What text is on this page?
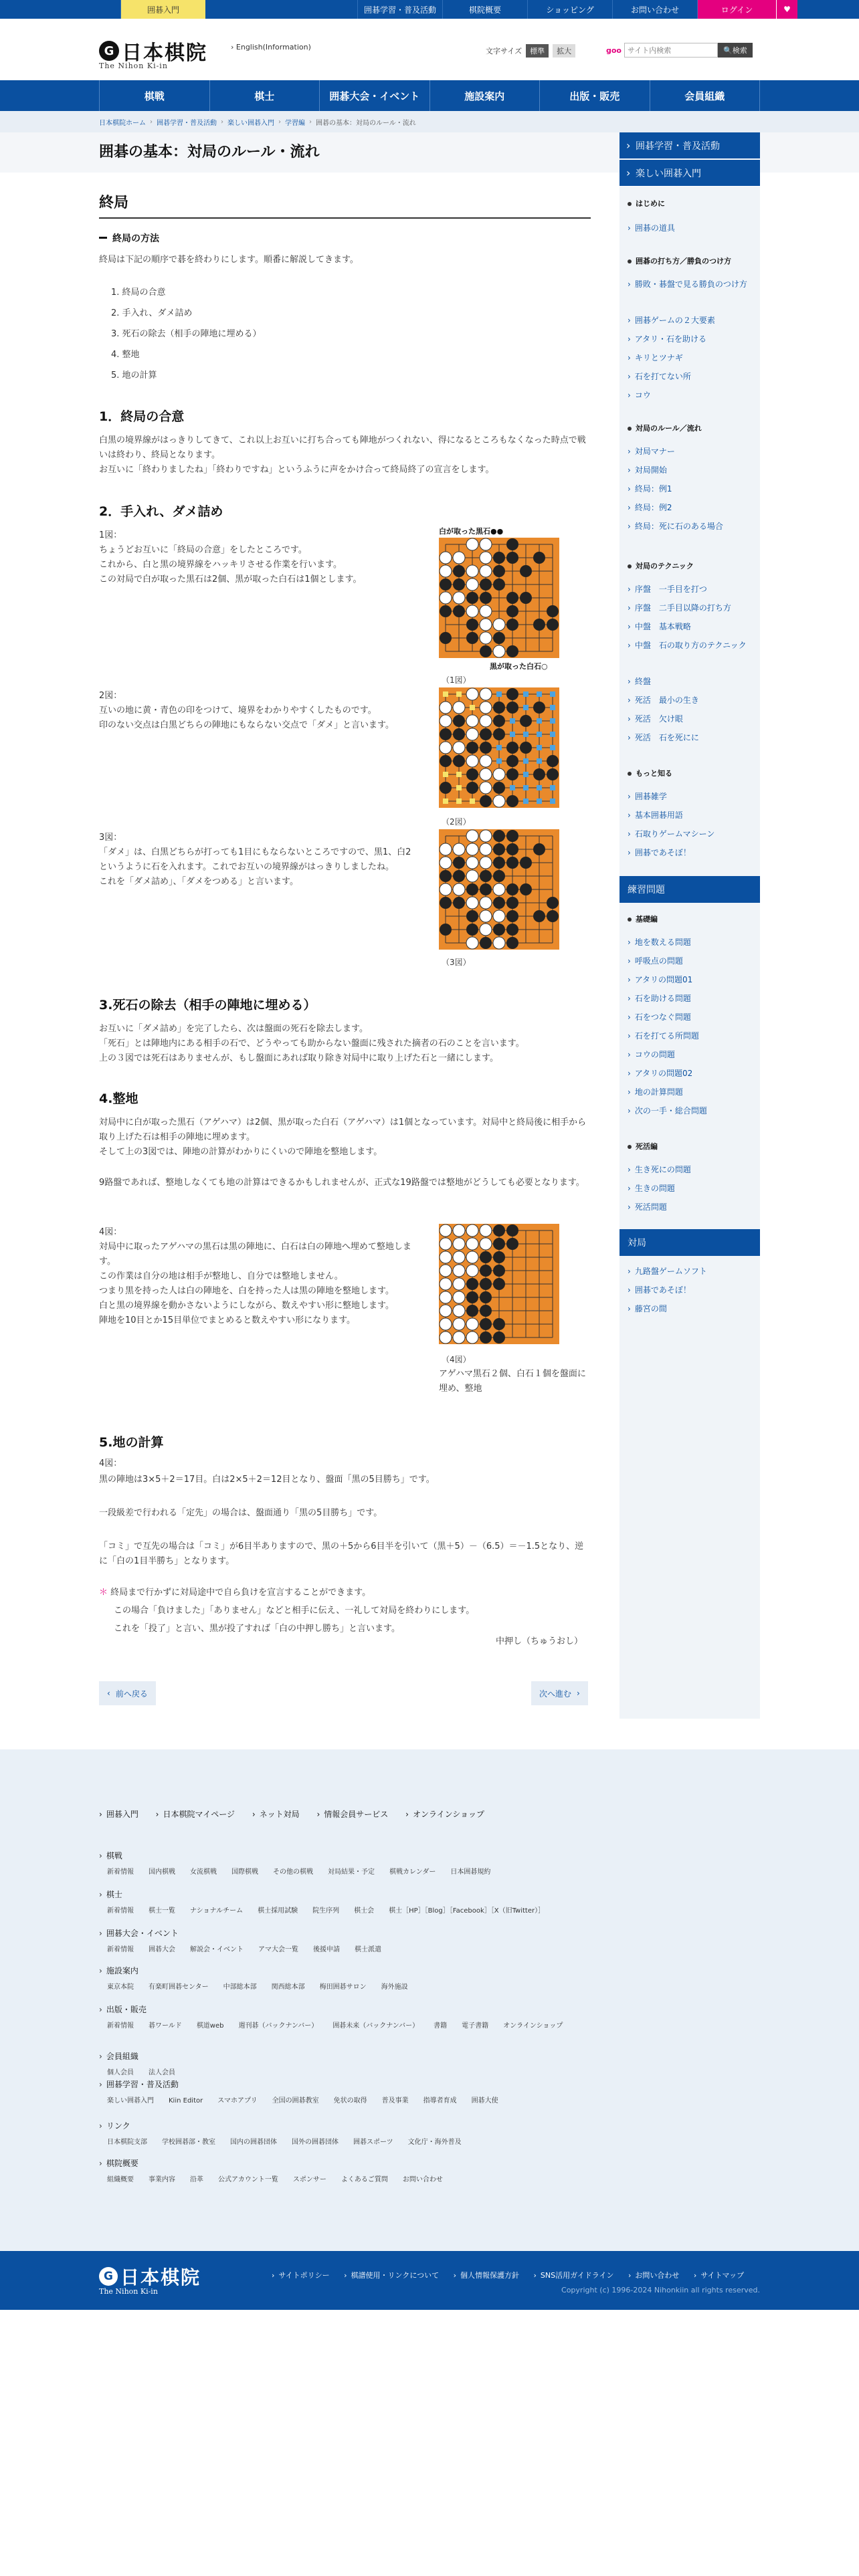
囲碁入門	囲碁学習・普及活動	棋院概要	ショッピング	お問い合わせ	ログイン	♥
G 日本棋院
The Nihon Ki-in
› English(Information)	文字サイズ	標準	拡大	goo
サイト内検索	🔍 検索
棋戦	棋士	囲碁大会・イベント	施設案内	出版・販売	会員組織
日本棋院ホーム › 囲碁学習・普及活動 › 楽しい囲碁入門 › 学習編 › 囲碁の基本：対局のルール・流れ
囲碁の基本：対局のルール・流れ
終局
終局の方法
終局は下記の順序で碁を終わりにします。順番に解説してきます。
1. 終局の合意
2. 手入れ、ダメ詰め
3. 死石の除去（相手の陣地に埋める）
4. 整地
5. 地の計算
1．終局の合意
白黒の境界線がはっきりしてきて、これ以上お互いに打ち合っても陣地がつくれない、得になるところもなくなった時点で戦いは終わり、終局となります。
お互いに「終わりましたね」「終わりですね」というふうに声をかけ合って終局終了の宣言をします。
2．手入れ、ダメ詰め
1図：
ちょうどお互いに「終局の合意」をしたところです。
これから、白と黒の境界線をハッキリさせる作業を行います。
この対局で白が取った黒石は2個、黒が取った白石は1個とします。
白が取った黒石●●
黒が取った白石○
（1図）
2図：
互いの地に黄・青色の印をつけて、境界をわかりやすくしたものです。
印のない交点は白黒どちらの陣地にもならない交点で「ダメ」と言います。
（2図）
3図：
「ダメ」は、白黒どちらが打っても1目にもならないところですので、黒1、白2というように石を入れます。これでお互いの境界線がはっきりしましたね。
これを「ダメ詰め」、「ダメをつめる」と言います。
（3図）
3.死石の除去（相手の陣地に埋める）
お互いに「ダメ詰め」を完了したら、次は盤面の死石を除去します。
「死石」とは陣地内にある相手の石で、どうやっても助からない盤面に残された摘者の石のことを言います。
上の３図では死石はありませんが、もし盤面にあれば取り除き対局中に取り上げた石と一緒にします。
4.整地
対局中に白が取った黒石（アゲハマ）は2個、黒が取った白石（アゲハマ）は1個となっています。対局中と終局後に相手から取り上げた石は相手の陣地に埋めます。
そして上の3図では、陣地の計算がわかりにくいので陣地を整地します。
9路盤であれば、整地しなくても地の計算はできるかもしれませんが、正式な19路盤では整地がどうしても必要となります。
4図：
対局中に取ったアゲハマの黒石は黒の陣地に、白石は白の陣地へ埋めて整地します。
この作業は自分の地は相手が整地し、自分では整地しません。
つまり黒を持った人は白の陣地を、白を持った人は黒の陣地を整地します。
白と黒の境界線を動かさないようにしながら、数えやすい形に整地します。
陣地を10目とか15目単位でまとめると数えやすい形になります。
（4図）
アゲハマ黒石２個、白石１個を盤面に埋め、整地
5.地の計算
4図：
黒の陣地は3×5＋2＝17目。白は2×5＋2＝12目となり、盤面「黒の5目勝ち」です。
一段級差で行われる「定先」の場合は、盤面通り「黒の5目勝ち」です。
「コミ」で互先の場合は「コミ」が6目半ありますので、黒の＋5から6目半を引いて（黒＋5）－（6.5）＝－1.5となり、逆に「白の1目半勝ち」となります。
＊ 終局まで行かずに対局途中で自ら負けを宣言することができます。
この場合「負けました」「ありません」などと相手に伝え、一礼して対局を終わりにします。
これを「投了」と言い、黒が投了すれば「白の中押し勝ち」と言います。
中押し（ちゅうおし）
‹ 前へ戻る	次へ進む ›
› 囲碁学習・普及活動
› 楽しい囲碁入門
はじめに
› 囲碁の道具
囲碁の打ち方／勝負のつけ方
› 勝敗・碁盤で見る勝負のつけ方
› 囲碁ゲームの２大要素
› アタリ・石を助ける
› キリとツナギ
› 石を打てない所
› コウ
対局のルール／流れ
› 対局マナー
› 対局開始
› 終局：例1
› 終局：例2
› 終局：死に石のある場合
対局のテクニック
› 序盤　一手目を打つ
› 序盤　二手目以降の打ち方
› 中盤　基本戦略
› 中盤　石の取り方のテクニック
› 終盤
› 死活　最小の生き
› 死活　欠け眼
› 死活　石を死にに
もっと知る
› 囲碁雑学
› 基本囲碁用語
› 石取りゲームマシーン
› 囲碁であそぼ！
練習問題
基礎編
› 地を数える問題
› 呼吸点の問題
› アタリの問題01
› 石を助ける問題
› 石をつなぐ問題
› 石を打てる所問題
› コウの問題
› アタリの問題02
› 地の計算問題
› 次の一手・総合問題
死活編
› 生き死にの問題
› 生きの問題
› 死活問題
対局
› 九路盤ゲームソフト
› 囲碁であそぼ！
› 藤宮の間
› 囲碁入門	› 日本棋院マイページ	› ネット対局	› 情報会員サービス	› オンラインショップ
› 棋戦
新着情報 国内棋戦 女流棋戦 国際棋戦 その他の棋戦 対局結果・予定 棋戦カレンダー 日本囲碁規約
› 棋士
新着情報 棋士一覧 ナショナルチーム 棋士採用試験 院生序列 棋士会 棋士［HP］［Blog］［Facebook］［X（旧Twitter）］
› 囲碁大会・イベント
新着情報 囲碁大会 解説会・イベント アマ大会一覧 後援申請 棋士派遣
› 施設案内
東京本院 有楽町囲碁センター 中部総本部 関西総本部 梅田囲碁サロン 海外施設
› 出版・販売
新着情報 碁ワールド 棋道web 週刊碁（バックナンバー） 囲碁未来（バックナンバー） 書籍 電子書籍 オンラインショップ
› 会員組織
個人会員 法人会員
› 囲碁学習・普及活動
楽しい囲碁入門 Kiin Editor スマホアプリ 全国の囲碁教室 免状の取得 普及事業 指導者育成 囲碁大使
› リンク
日本棋院支部 学校囲碁部・教室 国内の囲碁団体 国外の囲碁団体 囲碁スポーツ 文化庁・海外普及
› 棋院概要
組織概要 事業内容 沿革 公式アカウント一覧 スポンサー よくあるご質問 お問い合わせ
G 日本棋院
The Nihon Ki-in
› サイトポリシー	› 棋譜使用・リンクについて	› 個人情報保護方針	› SNS活用ガイドライン	› お問い合わせ	› サイトマップ
Copyright (c) 1996-2024 Nihonkiin all rights reserved.
